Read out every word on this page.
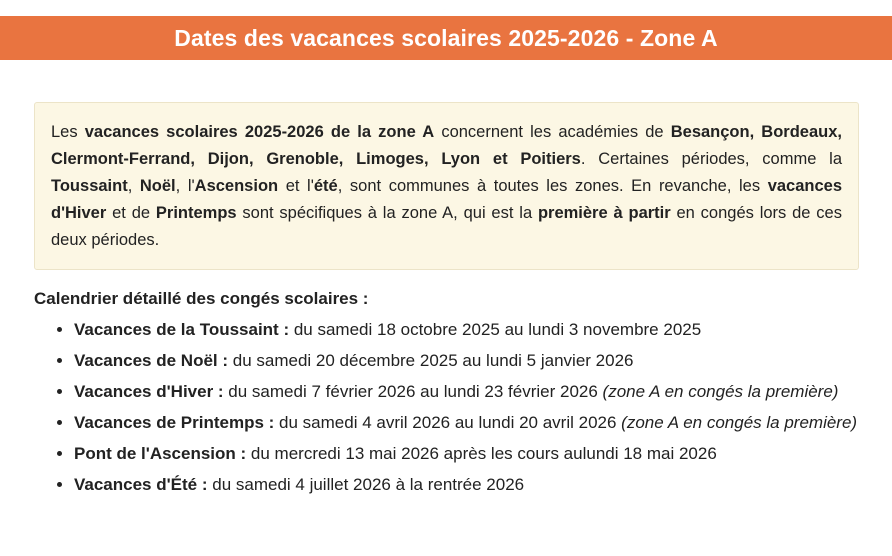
Dates des vacances scolaires 2025-2026 - Zone A

Les vacances scolaires 2025-2026 de la zone A concernent les académies de Besançon, Bordeaux, Clermont-Ferrand, Dijon, Grenoble, Limoges, Lyon et Poitiers. Certaines périodes, comme la Toussaint, Noël, l'Ascension et l'été, sont communes à toutes les zones. En revanche, les vacances d'Hiver et de Printemps sont spécifiques à la zone A, qui est la première à partir en congés lors de ces deux périodes.

Calendrier détaillé des congés scolaires :

• Vacances de la Toussaint : du samedi 18 octobre 2025 au lundi 3 novembre 2025
• Vacances de Noël : du samedi 20 décembre 2025 au lundi 5 janvier 2026
• Vacances d'Hiver : du samedi 7 février 2026 au lundi 23 février 2026 (zone A en congés la première)
• Vacances de Printemps : du samedi 4 avril 2026 au lundi 20 avril 2026 (zone A en congés la première)
• Pont de l'Ascension : du mercredi 13 mai 2026 après les cours aulundi 18 mai 2026
• Vacances d'Été : du samedi 4 juillet 2026 à la rentrée 2026
